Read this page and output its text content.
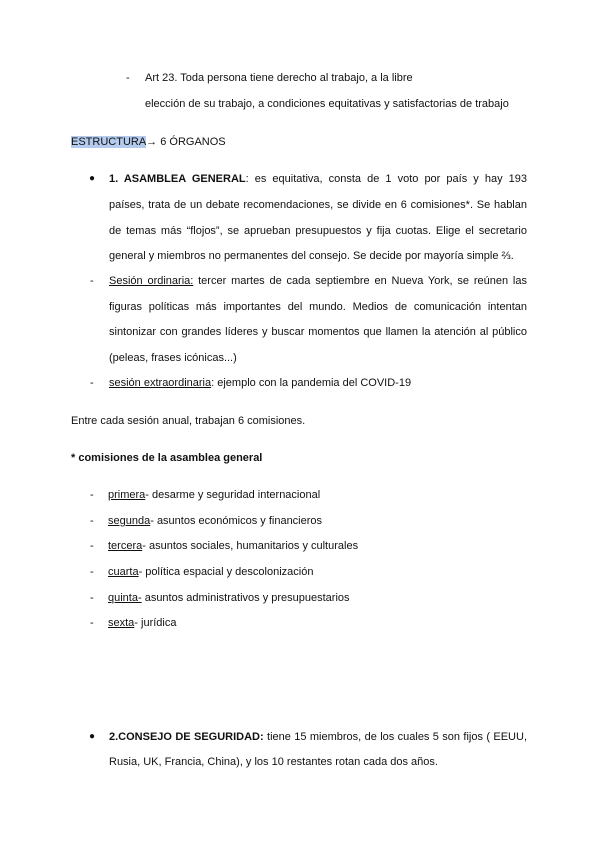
- Art 23. Toda persona tiene derecho al trabajo, a la libre
elección de su trabajo, a condiciones equitativas y satisfactorias de trabajo
ESTRUCTURA→ 6 ÓRGANOS
● 1. ASAMBLEA GENERAL: es equitativa, consta de 1 voto por país y hay 193
países, trata de un debate recomendaciones, se divide en 6 comisiones*. Se hablan
de temas más “flojos”, se aprueban presupuestos y fija cuotas. Elige el secretario
general y miembros no permanentes del consejo. Se decide por mayoría simple ⅔.
- Sesión ordinaria: tercer martes de cada septiembre en Nueva York, se reúnen las
figuras políticas más importantes del mundo. Medios de comunicación intentan
sintonizar con grandes líderes y buscar momentos que llamen la atención al público
(peleas, frases icónicas...)
- sesión extraordinaria: ejemplo con la pandemia del COVID-19
Entre cada sesión anual, trabajan 6 comisiones.
* comisiones de la asamblea general
- primera- desarme y seguridad internacional
- segunda- asuntos económicos y financieros
- tercera- asuntos sociales, humanitarios y culturales
- cuarta- política espacial y descolonización
- quinta- asuntos administrativos y presupuestarios
- sexta- jurídica
● 2.CONSEJO DE SEGURIDAD: tiene 15 miembros, de los cuales 5 son fijos ( EEUU,
Rusia, UK, Francia, China), y los 10 restantes rotan cada dos años.
